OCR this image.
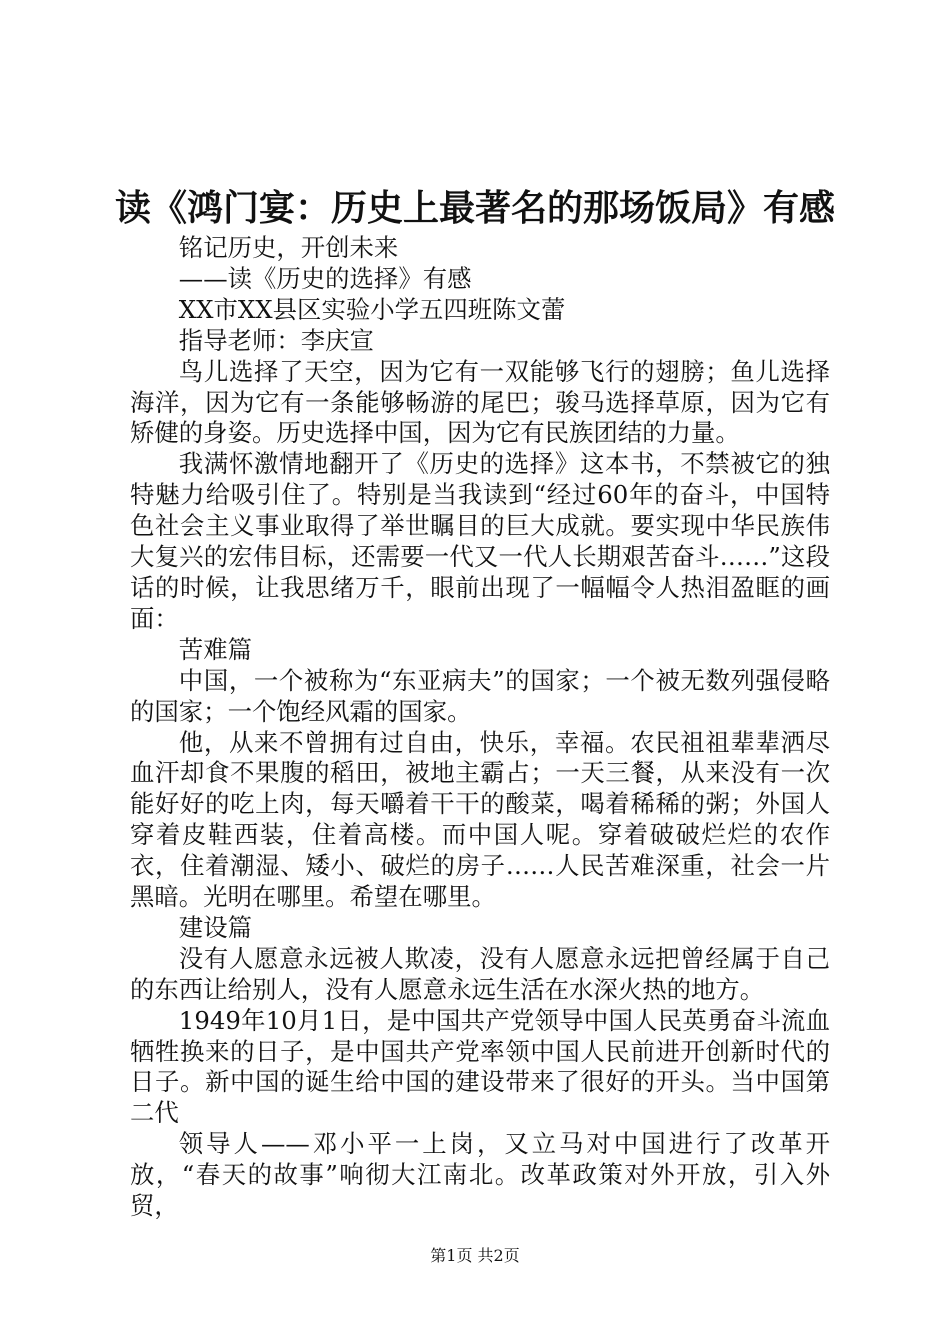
读《鸿门宴：历史上最著名的那场饭局》有感

铭记历史，开创未来

——读《历史的选择》有感

XX市XX县区实验小学五四班陈文蕾

指导老师：李庆宣

鸟儿选择了天空，因为它有一双能够飞行的翅膀；鱼儿选择海洋，因为它有一条能够畅游的尾巴；骏马选择草原，因为它有矫健的身姿。历史选择中国，因为它有民族团结的力量。

我满怀激情地翻开了《历史的选择》这本书，不禁被它的独特魅力给吸引住了。特别是当我读到“经过60年的奋斗，中国特色社会主义事业取得了举世瞩目的巨大成就。要实现中华民族伟大复兴的宏伟目标，还需要一代又一代人长期艰苦奋斗……”这段话的时候，让我思绪万千，眼前出现了一幅幅令人热泪盈眶的画面：

苦难篇

中国，一个被称为“东亚病夫”的国家；一个被无数列强侵略的国家；一个饱经风霜的国家。

他，从来不曾拥有过自由，快乐，幸福。农民祖祖辈辈洒尽血汗却食不果腹的稻田，被地主霸占；一天三餐，从来没有一次能好好的吃上肉，每天嚼着干干的酸菜，喝着稀稀的粥；外国人穿着皮鞋西装，住着高楼。而中国人呢。穿着破破烂烂的农作衣，住着潮湿、矮小、破烂的房子……人民苦难深重，社会一片黑暗。光明在哪里。希望在哪里。

建设篇

没有人愿意永远被人欺凌，没有人愿意永远把曾经属于自己的东西让给别人，没有人愿意永远生活在水深火热的地方。

1949年10月1日，是中国共产党领导中国人民英勇奋斗流血牺牲换来的日子，是中国共产党率领中国人民前进开创新时代的日子。新中国的诞生给中国的建设带来了很好的开头。当中国第二代

领导人——邓小平一上岗，又立马对中国进行了改革开放，“春天的故事”响彻大江南北。改革政策对外开放，引入外贸，

第1页 共2页
